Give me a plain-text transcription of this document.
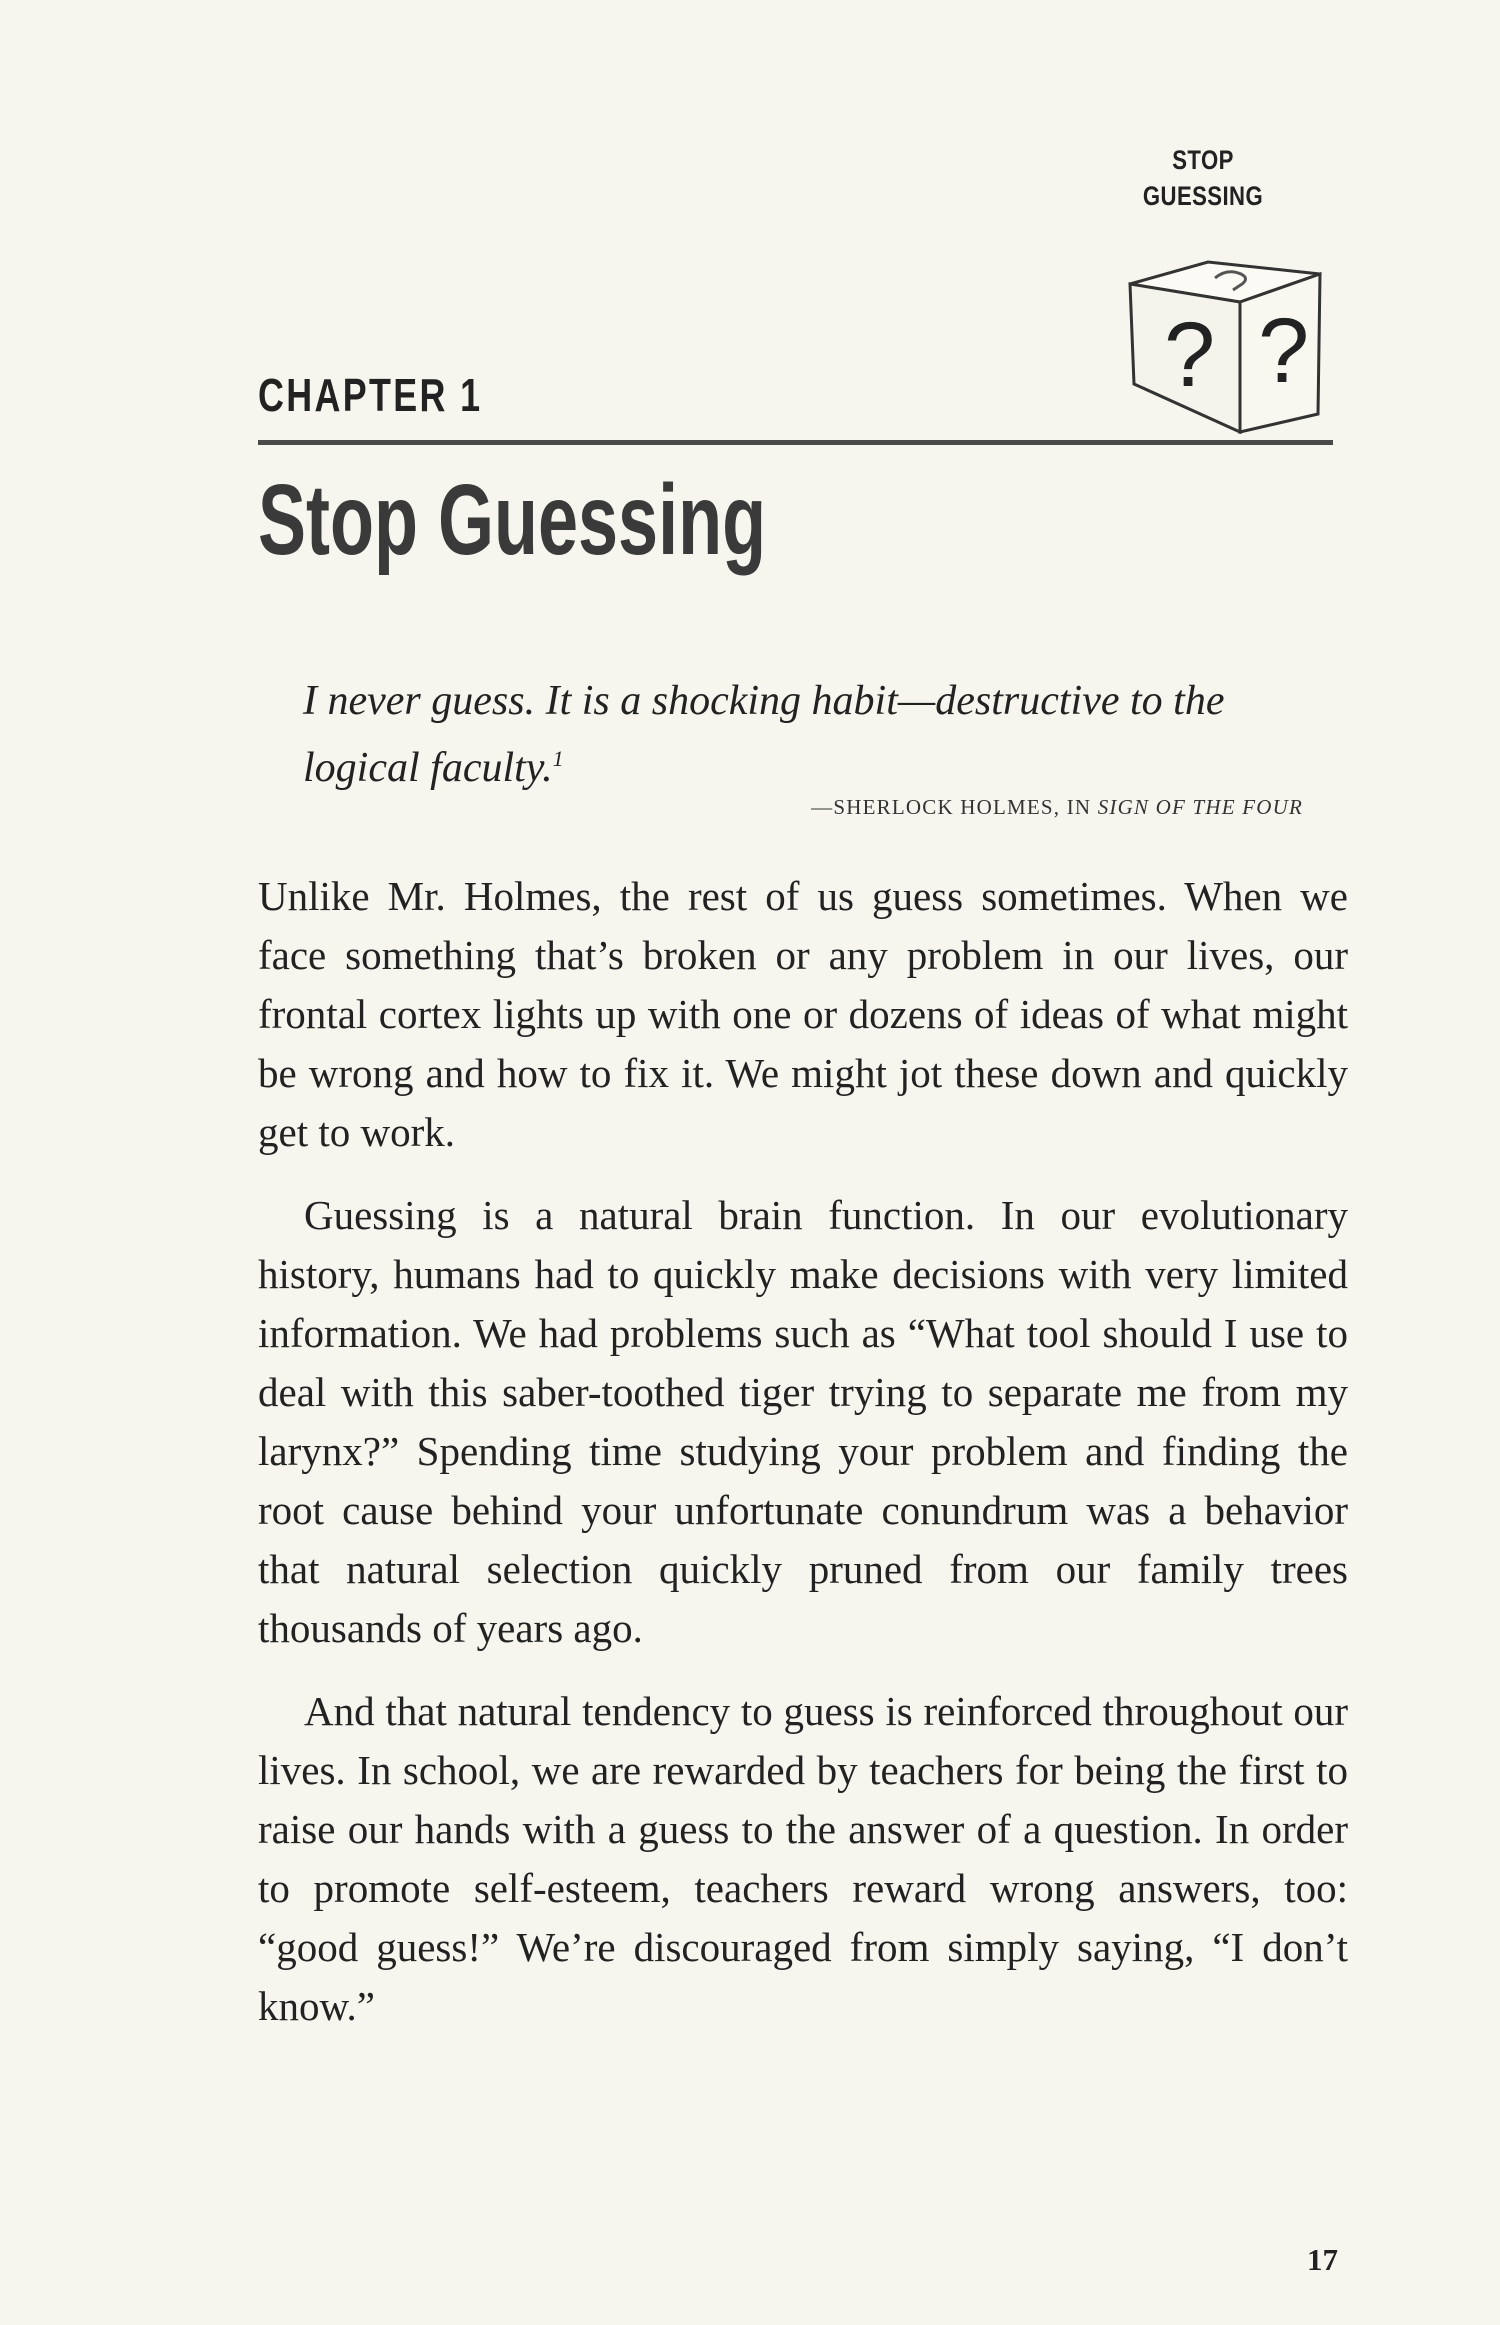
STOP
GUESSING
? ?
CHAPTER 1
Stop Guessing
I never guess. It is a shocking habit—destructive to the logical faculty.$^1$
—SHERLOCK HOLMES, IN SIGN OF THE FOUR

Unlike Mr. Holmes, the rest of us guess sometimes. When we face something that’s broken or any problem in our lives, our frontal cortex lights up with one or dozens of ideas of what might be wrong and how to fix it. We might jot these down and quickly get to work.

Guessing is a natural brain function. In our evolutionary history, humans had to quickly make decisions with very limited information. We had problems such as “What tool should I use to deal with this saber-toothed tiger trying to separate me from my larynx?” Spending time studying your problem and finding the root cause behind your unfortunate conundrum was a behavior that natural selection quickly pruned from our family trees thousands of years ago.

And that natural tendency to guess is reinforced throughout our lives. In school, we are rewarded by teachers for being the first to raise our hands with a guess to the answer of a question. In order to promote self-esteem, teachers reward wrong answers, too: “good guess!” We’re discouraged from simply saying, “I don’t know.”

17
